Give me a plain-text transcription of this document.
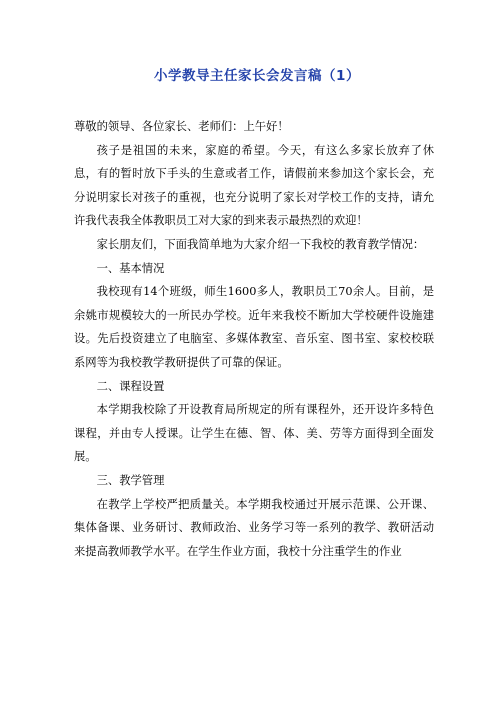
小学教导主任家长会发言稿（1）

尊敬的领导、各位家长、老师们：上午好！

孩子是祖国的未来，家庭的希望。今天，有这么多家长放弃了休息，有的暂时放下手头的生意或者工作，请假前来参加这个家长会，充分说明家长对孩子的重视，也充分说明了家长对学校工作的支持，请允许我代表我全体教职员工对大家的到来表示最热烈的欢迎！

家长朋友们，下面我简单地为大家介绍一下我校的教育教学情况：

一、基本情况

我校现有14个班级，师生1600多人，教职员工70余人。目前，是余姚市规模较大的一所民办学校。近年来我校不断加大学校硬件设施建设。先后投资建立了电脑室、多媒体教室、音乐室、图书室、家校校联系网等为我校教学教研提供了可靠的保证。

二、课程设置

本学期我校除了开设教育局所规定的所有课程外，还开设许多特色课程，并由专人授课。让学生在德、智、体、美、劳等方面得到全面发展。

三、教学管理

在教学上学校严把质量关。本学期我校通过开展示范课、公开课、集体备课、业务研讨、教师政治、业务学习等一系列的教学、教研活动来提高教师教学水平。在学生作业方面，我校十分注重学生的作业
